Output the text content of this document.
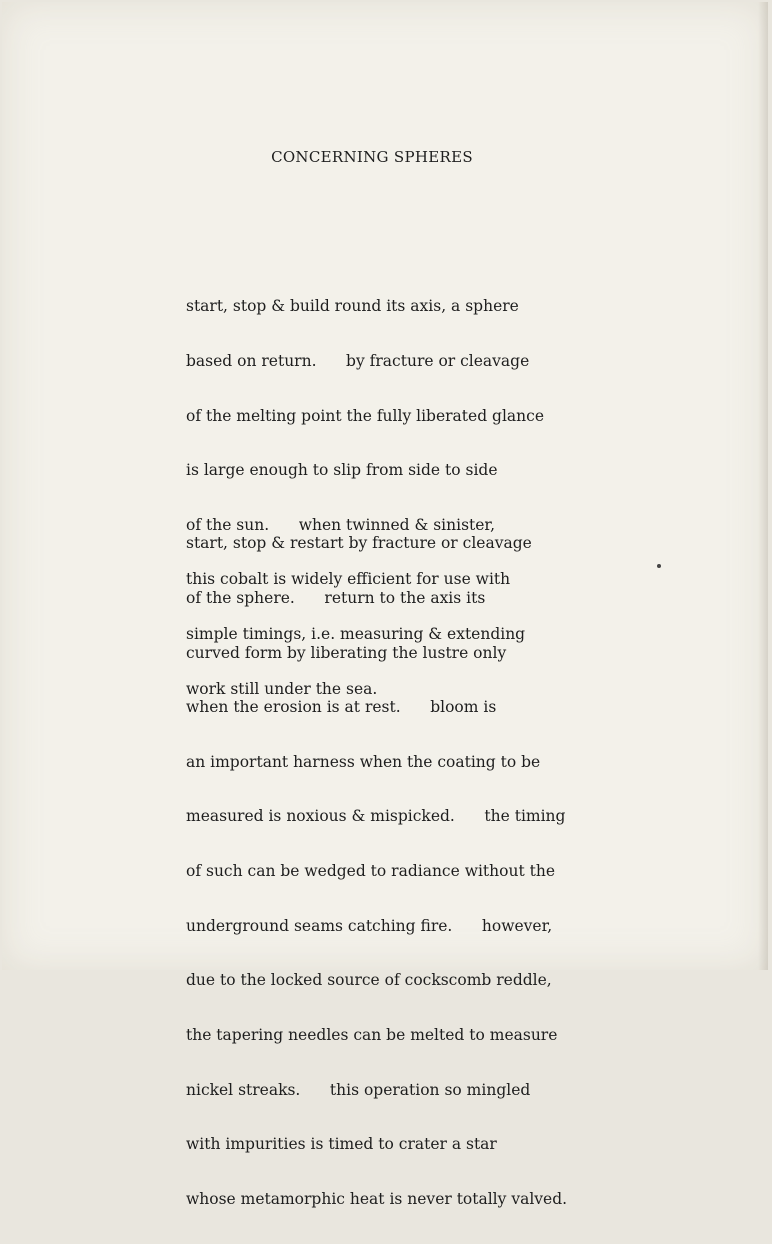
CONCERNING SPHERES

start, stop & build round its axis, a sphere

based on return.      by fracture or cleavage

of the melting point the fully liberated glance

is large enough to slip from side to side

of the sun.      when twinned & sinister,

this cobalt is widely efficient for use with

simple timings, i.e. measuring & extending

work still under the sea.

start, stop & restart by fracture or cleavage

of the sphere.      return to the axis its

curved form by liberating the lustre only

when the erosion is at rest.      bloom is

an important harness when the coating to be

measured is noxious & mispicked.      the timing

of such can be wedged to radiance without the

underground seams catching fire.      however,

due to the locked source of cockscomb reddle,

the tapering needles can be melted to measure

nickel streaks.      this operation so mingled

with impurities is timed to crater a star

whose metamorphic heat is never totally valved.
